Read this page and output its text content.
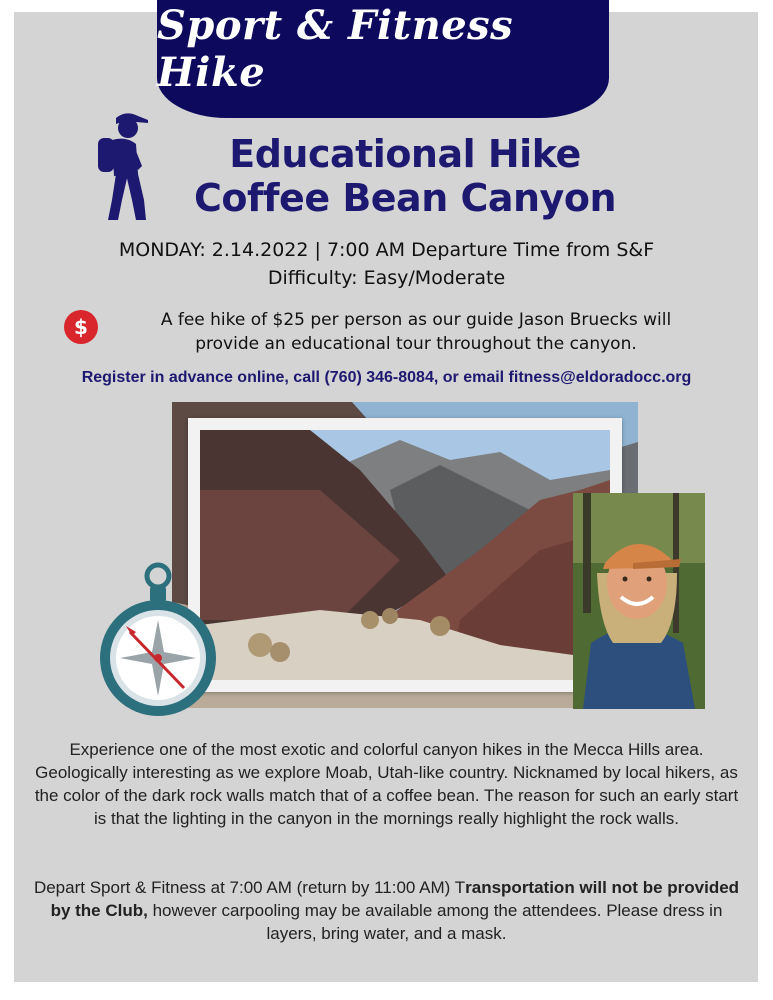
Sport & Fitness Hike
Educational Hike
Coffee Bean Canyon
MONDAY: 2.14.2022 | 7:00 AM Departure Time from S&F
Difficulty: Easy/Moderate
$	A fee hike of $25 per person as our guide Jason Bruecks will
provide an educational tour throughout the canyon.
Register in advance online, call (760) 346-8084, or email fitness@eldoradocc.org
Experience one of the most exotic and colorful canyon hikes in the Mecca Hills area. Geologically interesting as we explore Moab, Utah-like country. Nicknamed by local hikers, as the color of the dark rock walls match that of a coffee bean. The reason for such an early start is that the lighting in the canyon in the mornings really highlight the rock walls.
Depart Sport & Fitness at 7:00 AM (return by 11:00 AM) Transportation will not be provided by the Club, however carpooling may be available among the attendees. Please dress in layers, bring water, and a mask.
